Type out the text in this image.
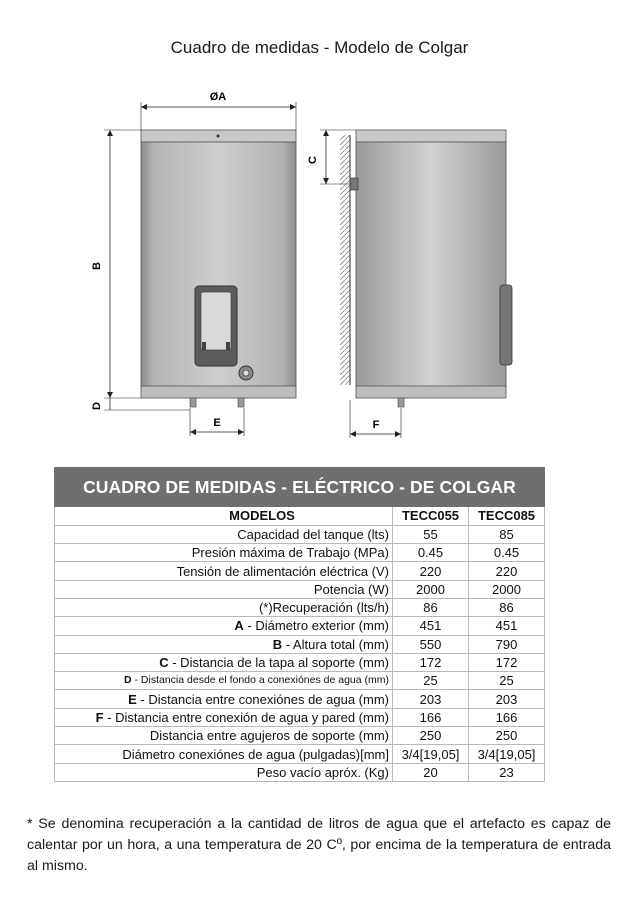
Cuadro de medidas - Modelo de Colgar
ØA
B
D
E
C
F
CUADRO DE MEDIDAS - ELÉCTRICO - DE COLGAR
MODELOS	TECC055	TECC085
Capacidad del tanque (lts)	55	85
Presión máxima de Trabajo (MPa)	0.45	0.45
Tensión de alimentación eléctrica (V)	220	220
Potencia (W)	2000	2000
(*)Recuperación (lts/h)	86	86
A - Diámetro exterior (mm)	451	451
B - Altura total (mm)	550	790
C - Distancia de la tapa al soporte (mm)	172	172
D - Distancia desde el fondo a conexiónes de agua (mm)	25	25
E - Distancia entre conexiónes de agua (mm)	203	203
F - Distancia entre conexión de agua y pared (mm)	166	166
Distancia entre agujeros de soporte (mm)	250	250
Diámetro conexiónes de agua (pulgadas)[mm]	3/4[19,05]	3/4[19,05]
Peso vacío apróx. (Kg)	20	23
* Se denomina recuperación a la cantidad de litros de agua que el artefacto es capaz de calentar por un hora, a una temperatura de 20 Cº, por encima de la temperatura de entrada al mismo.
